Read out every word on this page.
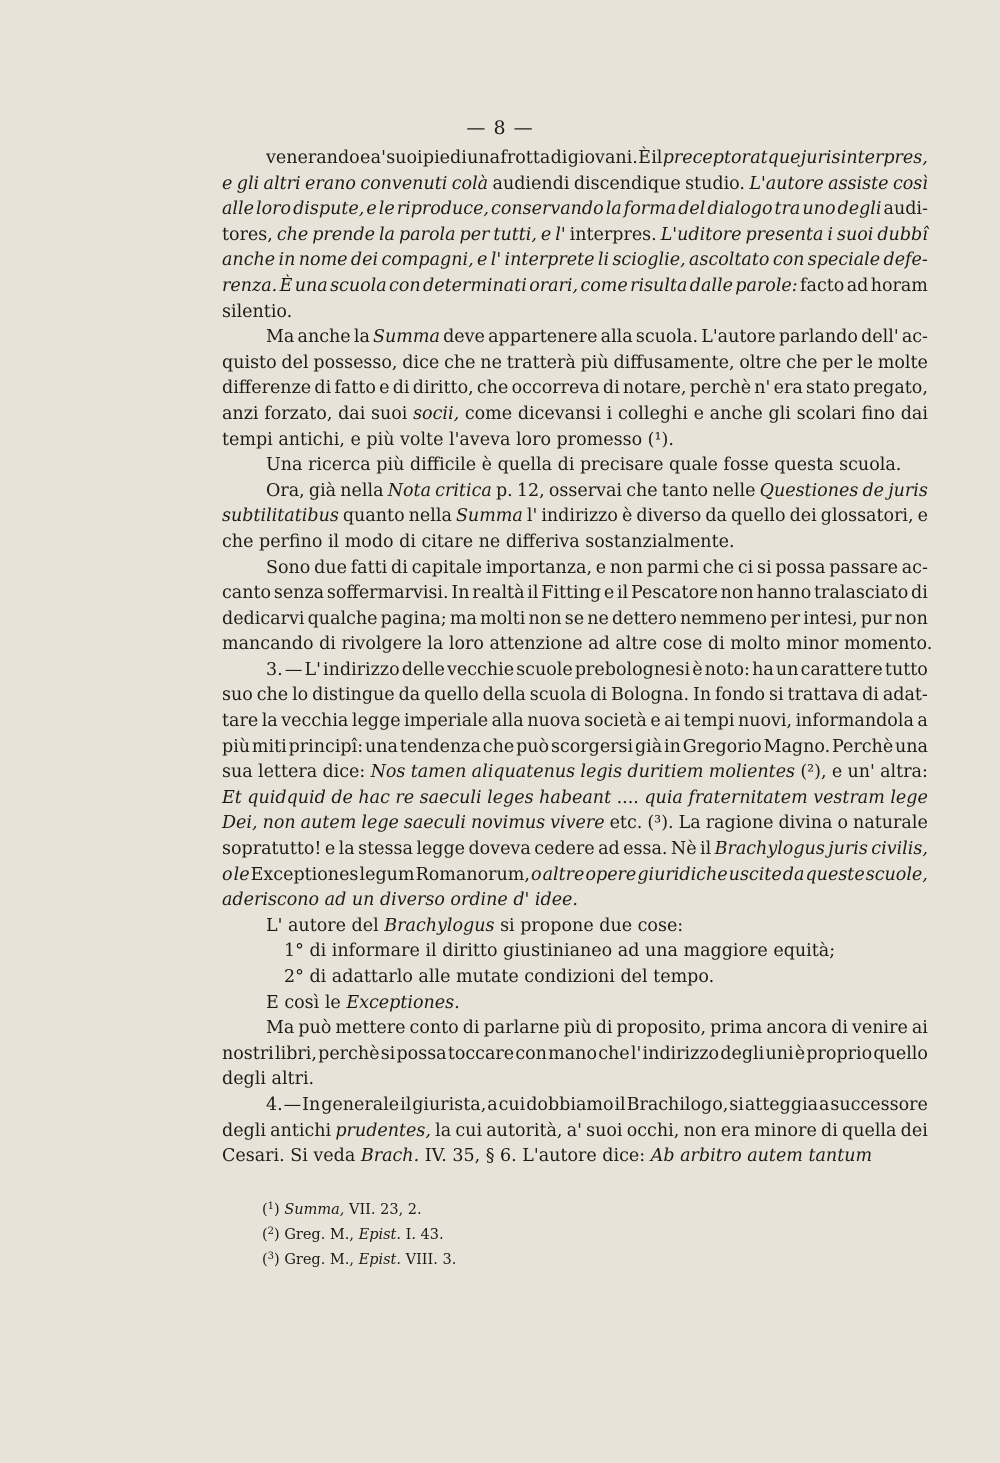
— 8 —
venerando e a' suoi piedi una frotta di giovani. È il preceptor atque juris interpres,
e gli altri erano convenuti colà audiendi discendique studio. L'autore assiste così
alle loro dispute, e le riproduce, conservando la forma del dialogo tra uno degli audi-
tores, che prende la parola per tutti, e l' interpres. L'uditore presenta i suoi dubbî
anche in nome dei compagni, e l' interprete li scioglie, ascoltato con speciale defe-
renza. È una scuola con determinati orari, come risulta dalle parole: facto ad horam
silentio.
Ma anche la Summa deve appartenere alla scuola. L'autore parlando dell' ac-
quisto del possesso, dice che ne tratterà più diffusamente, oltre che per le molte
differenze di fatto e di diritto, che occorreva di notare, perchè n' era stato pregato,
anzi forzato, dai suoi socii, come dicevansi i colleghi e anche gli scolari fino dai
tempi antichi, e più volte l'aveva loro promesso (¹).
Una ricerca più difficile è quella di precisare quale fosse questa scuola.
Ora, già nella Nota critica p. 12, osservai che tanto nelle Questiones de juris
subtilitatibus quanto nella Summa l' indirizzo è diverso da quello dei glossatori, e
che perfino il modo di citare ne differiva sostanzialmente.
Sono due fatti di capitale importanza, e non parmi che ci si possa passare ac-
canto senza soffermarvisi. In realtà il Fitting e il Pescatore non hanno tralasciato di
dedicarvi qualche pagina; ma molti non se ne dettero nemmeno per intesi, pur non
mancando di rivolgere la loro attenzione ad altre cose di molto minor momento.
3. — L' indirizzo delle vecchie scuole prebolognesi è noto: ha un carattere tutto
suo che lo distingue da quello della scuola di Bologna. In fondo si trattava di adat-
tare la vecchia legge imperiale alla nuova società e ai tempi nuovi, informandola a
più miti principî: una tendenza che può scorgersi già in Gregorio Magno. Perchè una
sua lettera dice: Nos tamen aliquatenus legis duritiem molientes (²), e un' altra:
Et quidquid de hac re saeculi leges habeant .... quia fraternitatem vestram lege
Dei, non autem lege saeculi novimus vivere etc. (³). La ragione divina o naturale
sopratutto! e la stessa legge doveva cedere ad essa. Nè il Brachylogus juris civilis,
o le Exceptiones legum Romanorum, o altre opere giuridiche uscite da queste scuole,
aderiscono ad un diverso ordine d' idee.
L' autore del Brachylogus si propone due cose:
1° di informare il diritto giustinianeo ad una maggiore equità;
2° di adattarlo alle mutate condizioni del tempo.
E così le Exceptiones.
Ma può mettere conto di parlarne più di proposito, prima ancora di venire ai
nostri libri, perchè si possa toccare con mano che l' indirizzo degli uni è proprio quello
degli altri.
4. — In generale il giurista, a cui dobbiamo il Brachilogo, si atteggia a successore
degli antichi prudentes, la cui autorità, a' suoi occhi, non era minore di quella dei
Cesari. Si veda Brach. IV. 35, § 6. L'autore dice: Ab arbitro autem tantum
($^1$) Summa, VII. 23, 2.
($^2$) Greg. M., Epist. I. 43.
($^3$) Greg. M., Epist. VIII. 3.
